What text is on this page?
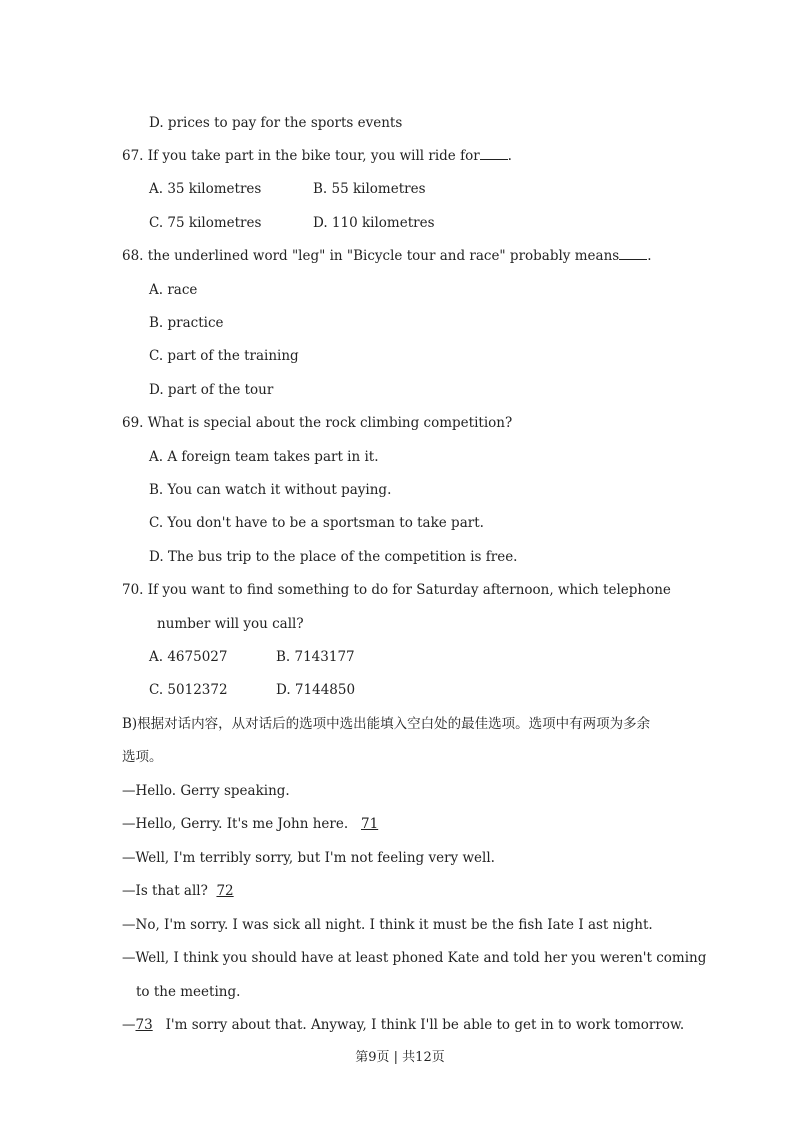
D. prices to pay for the sports events
67. If you take part in the bike tour, you will ride for .
A. 35 kilometres	B. 55 kilometres
C. 75 kilometres	D. 110 kilometres
68. the underlined word "leg" in "Bicycle tour and race" probably means .
A. race
B. practice
C. part of the training
D. part of the tour
69. What is special about the rock climbing competition?
A. A foreign team takes part in it.
B. You can watch it without paying.
C. You don't have to be a sportsman to take part.
D. The bus trip to the place of the competition is free.
70. If you want to find something to do for Saturday afternoon, which telephone
number will you call?
A. 4675027	B. 7143177
C. 5012372	D. 7144850
B)根据对话内容，从对话后的选项中选出能填入空白处的最佳选项。选项中有两项为多余
选项。
—Hello. Gerry speaking.
—Hello, Gerry. It's me John here. 71
—Well, I'm terribly sorry, but I'm not feeling very well.
—Is that all? 72
—No, I'm sorry. I was sick all night. I think it must be the fish Iate I ast night.
—Well, I think you should have at least phoned Kate and told her you weren't coming
to the meeting.
—73 I'm sorry about that. Anyway, I think I'll be able to get in to work tomorrow.
第9页 | 共12页
